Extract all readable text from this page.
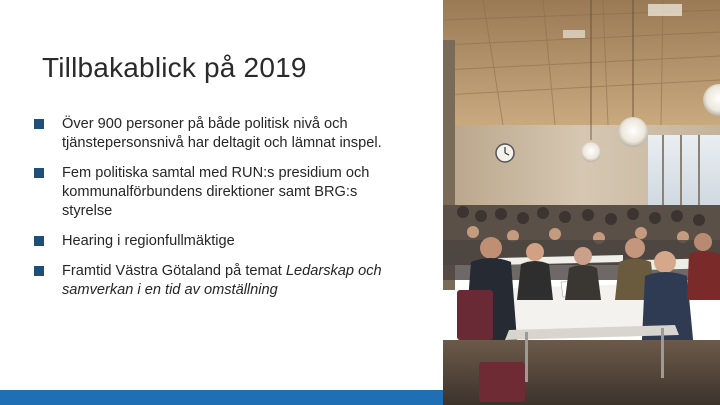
Tillbakablick på 2019
Över 900 personer på både politisk nivå och tjänstepersonsnivå har deltagit och lämnat inspel.
Fem politiska samtal med RUN:s presidium och kommunalförbundens direktioner samt BRG:s styrelse
Hearing i regionfullmäktige
Framtid Västra Götaland på temat Ledarskap och samverkan i en tid av omställning
